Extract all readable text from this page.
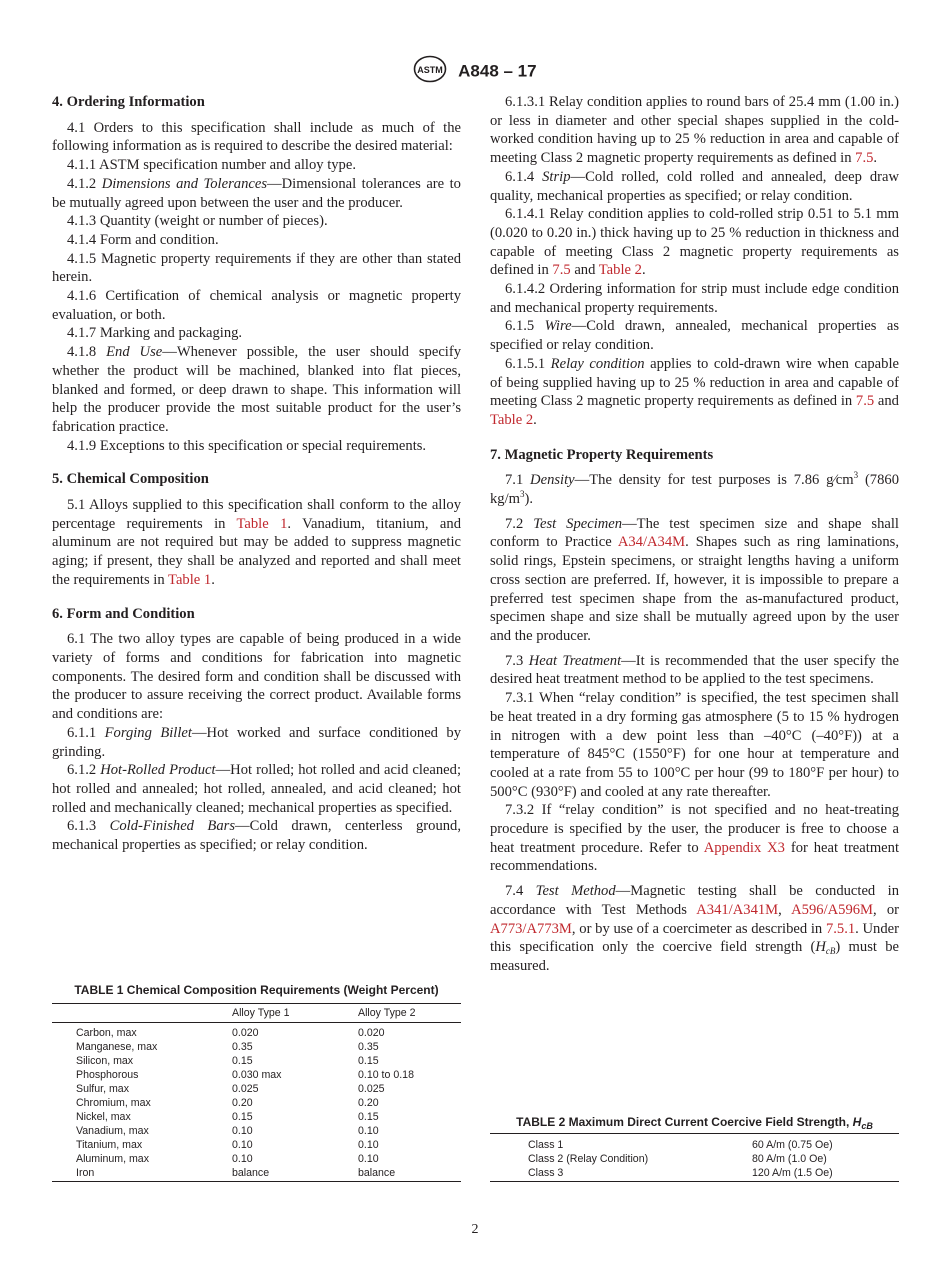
ASTM A848 – 17
4. Ordering Information

4.1 Orders to this specification shall include as much of the following information as is required to describe the desired material:

4.1.1 ASTM specification number and alloy type.

4.1.2 Dimensions and Tolerances—Dimensional tolerances are to be mutually agreed upon between the user and the producer.

4.1.3 Quantity (weight or number of pieces).

4.1.4 Form and condition.

4.1.5 Magnetic property requirements if they are other than stated herein.

4.1.6 Certification of chemical analysis or magnetic property evaluation, or both.

4.1.7 Marking and packaging.

4.1.8 End Use—Whenever possible, the user should specify whether the product will be machined, blanked into flat pieces, blanked and formed, or deep drawn to shape. This information will help the producer provide the most suitable product for the user’s fabrication practice.

4.1.9 Exceptions to this specification or special requirements.

5. Chemical Composition

5.1 Alloys supplied to this specification shall conform to the alloy percentage requirements in Table 1. Vanadium, titanium, and aluminum are not required but may be added to suppress magnetic aging; if present, they shall be analyzed and reported and shall meet the requirements in Table 1.

6. Form and Condition

6.1 The two alloy types are capable of being produced in a wide variety of forms and conditions for fabrication into magnetic components. The desired form and condition shall be discussed with the producer to assure receiving the correct product. Available forms and conditions are:

6.1.1 Forging Billet—Hot worked and surface conditioned by grinding.

6.1.2 Hot-Rolled Product—Hot rolled; hot rolled and acid cleaned; hot rolled and annealed; hot rolled, annealed, and acid cleaned; hot rolled and mechanically cleaned; mechanical properties as specified.

6.1.3 Cold-Finished Bars—Cold drawn, centerless ground, mechanical properties as specified; or relay condition.

TABLE 1 Chemical Composition Requirements (Weight Percent)
	Alloy Type 1	Alloy Type 2

Carbon, max	0.020	0.020
Manganese, max	0.35	0.35
Silicon, max	0.15	0.15
Phosphorous	0.030 max	0.10 to 0.18
Sulfur, max	0.025	0.025
Chromium, max	0.20	0.20
Nickel, max	0.15	0.15
Vanadium, max	0.10	0.10
Titanium, max	0.10	0.10
Aluminum, max	0.10	0.10
Iron	balance	balance

6.1.3.1 Relay condition applies to round bars of 25.4 mm (1.00 in.) or less in diameter and other special shapes supplied in the cold-worked condition having up to 25 % reduction in area and capable of meeting Class 2 magnetic property requirements as defined in 7.5.

6.1.4 Strip—Cold rolled, cold rolled and annealed, deep draw quality, mechanical properties as specified; or relay condition.

6.1.4.1 Relay condition applies to cold-rolled strip 0.51 to 5.1 mm (0.020 to 0.20 in.) thick having up to 25 % reduction in thickness and capable of meeting Class 2 magnetic property requirements as defined in 7.5 and Table 2.

6.1.4.2 Ordering information for strip must include edge condition and mechanical property requirements.

6.1.5 Wire—Cold drawn, annealed, mechanical properties as specified or relay condition.

6.1.5.1 Relay condition applies to cold-drawn wire when capable of being supplied having up to 25 % reduction in area and capable of meeting Class 2 magnetic property requirements as defined in 7.5 and Table 2.

7. Magnetic Property Requirements

7.1 Density—The density for test purposes is 7.86 $g∕cm^3$ (7860 $kg/m^3$).

7.2 Test Specimen—The test specimen size and shape shall conform to Practice A34/A34M. Shapes such as ring laminations, solid rings, Epstein specimens, or straight lengths having a uniform cross section are preferred. If, however, it is impossible to prepare a preferred test specimen shape from the as-manufactured product, specimen shape and size shall be mutually agreed upon by the user and the producer.

7.3 Heat Treatment—It is recommended that the user specify the desired heat treatment method to be applied to the test specimens.

7.3.1 When “relay condition” is specified, the test specimen shall be heat treated in a dry forming gas atmosphere (5 to 15 % hydrogen in nitrogen with a dew point less than –40°C (–40°F)) at a temperature of 845°C (1550°F) for one hour at temperature and cooled at a rate from 55 to 100°C per hour (99 to 180°F per hour) to 500°C (930°F) and cooled at any rate thereafter.

7.3.2 If “relay condition” is not specified and no heat-treating procedure is specified by the user, the producer is free to choose a heat treatment procedure. Refer to Appendix X3 for heat treatment recommendations.

7.4 Test Method—Magnetic testing shall be conducted in accordance with Test Methods A341/A341M, A596/A596M, or A773/A773M, or by use of a coercimeter as described in 7.5.1. Under this specification only the coercive field strength $(H_{cB})$ must be measured.

TABLE 2 Maximum Direct Current Coercive Field Strength, $H_{cB}$

Class 1	60 A/m (0.75 Oe)
Class 2 (Relay Condition)	80 A/m (1.0 Oe)
Class 3	120 A/m (1.5 Oe)
2
